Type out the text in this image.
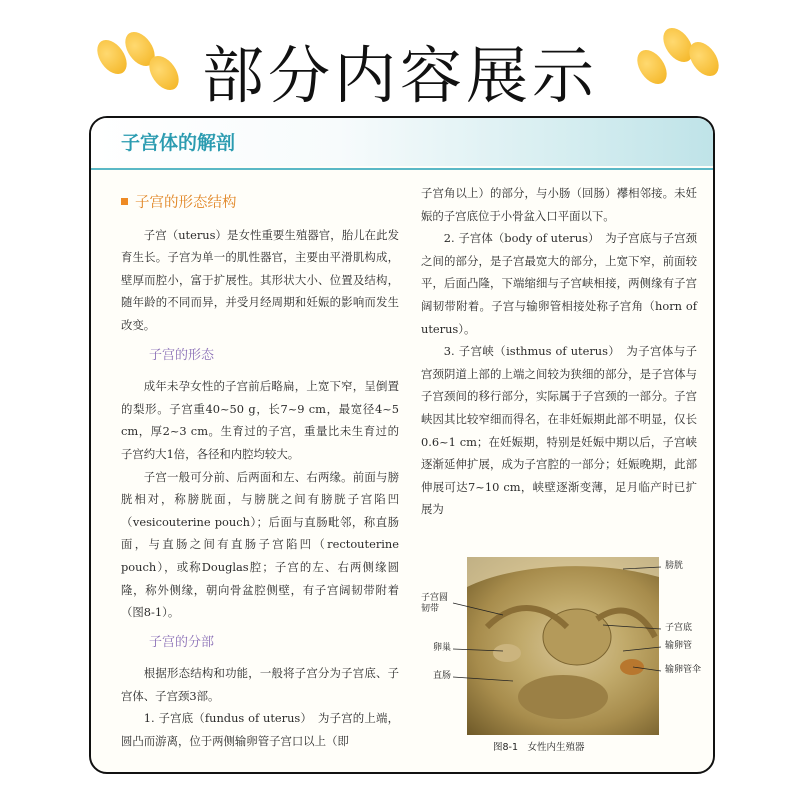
部分内容展示
子宫体的解剖
子宫的形态结构

子宫（uterus）是女性重要生殖器官，胎儿在此发育生长。子宫为单一的肌性器官，主要由平滑肌构成，壁厚而腔小，富于扩展性。其形状大小、位置及结构，随年龄的不同而异，并受月经周期和妊娠的影响而发生改变。

子宫的形态

成年未孕女性的子宫前后略扁，上宽下窄，呈倒置的梨形。子宫重40~50 g，长7~9 cm，最宽径4~5 cm，厚2~3 cm。生育过的子宫，重量比未生育过的子宫约大1倍，各径和内腔均较大。

子宫一般可分前、后两面和左、右两缘。前面与膀胱相对，称膀胱面，与膀胱之间有膀胱子宫陷凹（vesicouterine pouch）；后面与直肠毗邻，称直肠面，与直肠之间有直肠子宫陷凹（rectouterine pouch），或称Douglas腔；子宫的左、右两侧缘圆隆，称外侧缘，朝向骨盆腔侧壁，有子宫阔韧带附着（图8-1）。

子宫的分部

根据形态结构和功能，一般将子宫分为子宫底、子宫体、子宫颈3部。

1. 子宫底（fundus of uterus）　为子宫的上端，圆凸而游离，位于两侧输卵管子宫口以上（即

子宫角以上）的部分，与小肠（回肠）襻相邻接。未妊娠的子宫底位于小骨盆入口平面以下。

2. 子宫体（body of uterus）　为子宫底与子宫颈之间的部分，是子宫最宽大的部分，上宽下窄，前面较平，后面凸隆，下端缩细与子宫峡相接，两侧缘有子宫阔韧带附着。子宫与输卵管相接处称子宫角（horn of uterus）。

3. 子宫峡（isthmus of uterus）　为子宫体与子宫颈阴道上部的上端之间较为狭细的部分，是子宫体与子宫颈间的移行部分，实际属于子宫颈的一部分。子宫峡因其比较窄细而得名，在非妊娠期此部不明显，仅长0.6~1 cm；在妊娠期，特别是妊娠中期以后，子宫峡逐渐延伸扩展，成为子宫腔的一部分；妊娠晚期，此部伸展可达7~10 cm，峡壁逐渐变薄，足月临产时已扩展为

膀胱
子宫圆
韧带
子宫底
卵巢	输卵管
直肠
输卵管伞
图8-1　女性内生殖器
